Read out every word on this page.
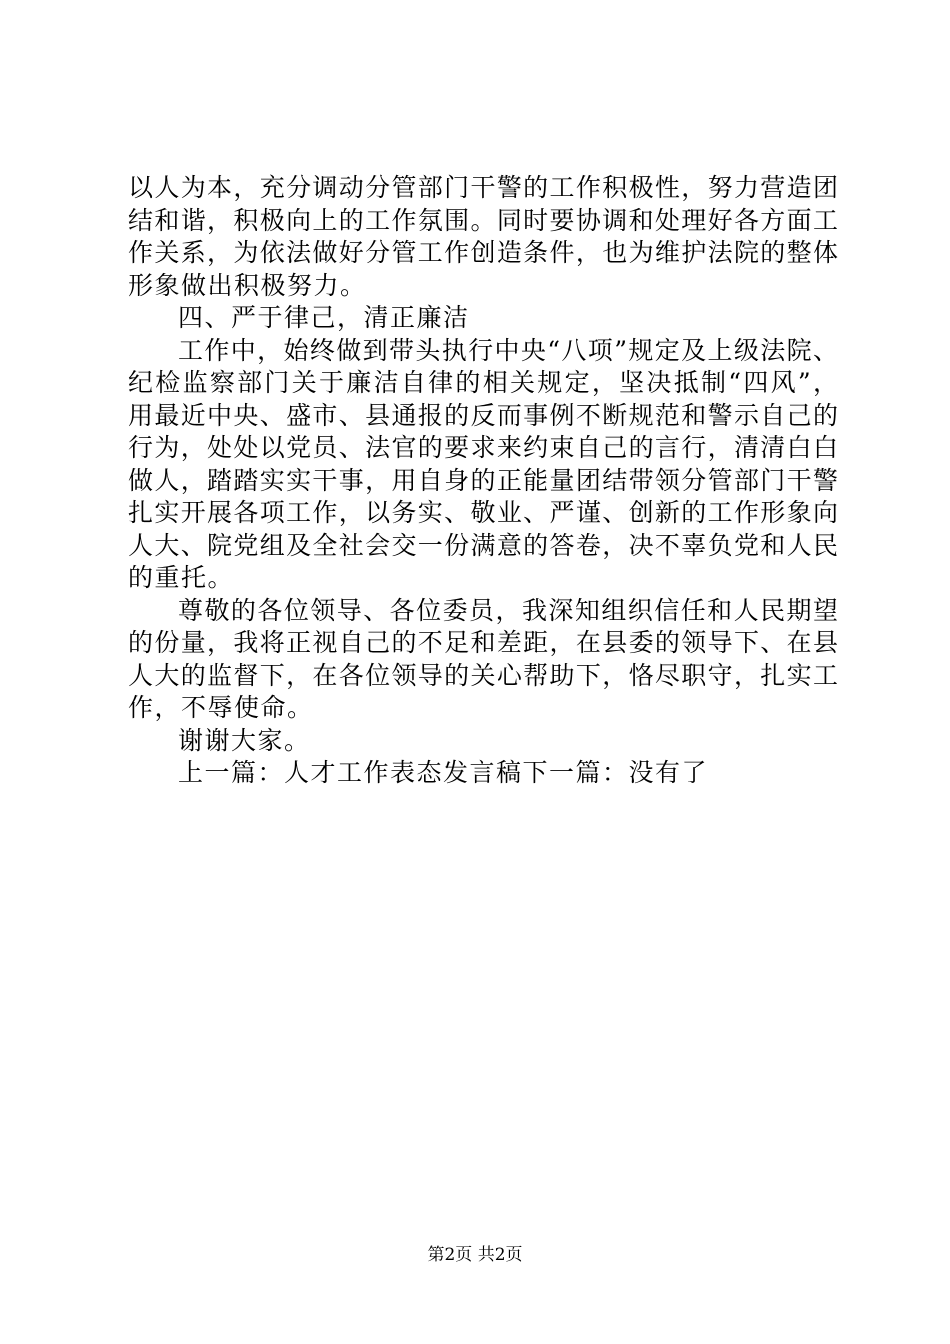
以人为本，充分调动分管部门干警的工作积极性，努力营造团
结和谐，积极向上的工作氛围。同时要协调和处理好各方面工
作关系，为依法做好分管工作创造条件，也为维护法院的整体
形象做出积极努力。
四、严于律己，清正廉洁
工作中，始终做到带头执行中央“八项”规定及上级法院、
纪检监察部门关于廉洁自律的相关规定，坚决抵制“四风”，
用最近中央、盛市、县通报的反而事例不断规范和警示自己的
行为，处处以党员、法官的要求来约束自己的言行，清清白白
做人，踏踏实实干事，用自身的正能量团结带领分管部门干警
扎实开展各项工作，以务实、敬业、严谨、创新的工作形象向
人大、院党组及全社会交一份满意的答卷，决不辜负党和人民
的重托。
尊敬的各位领导、各位委员，我深知组织信任和人民期望
的份量，我将正视自己的不足和差距，在县委的领导下、在县
人大的监督下，在各位领导的关心帮助下，恪尽职守，扎实工
作，不辱使命。
谢谢大家。
上一篇：人才工作表态发言稿下一篇：没有了
第2页 共2页
